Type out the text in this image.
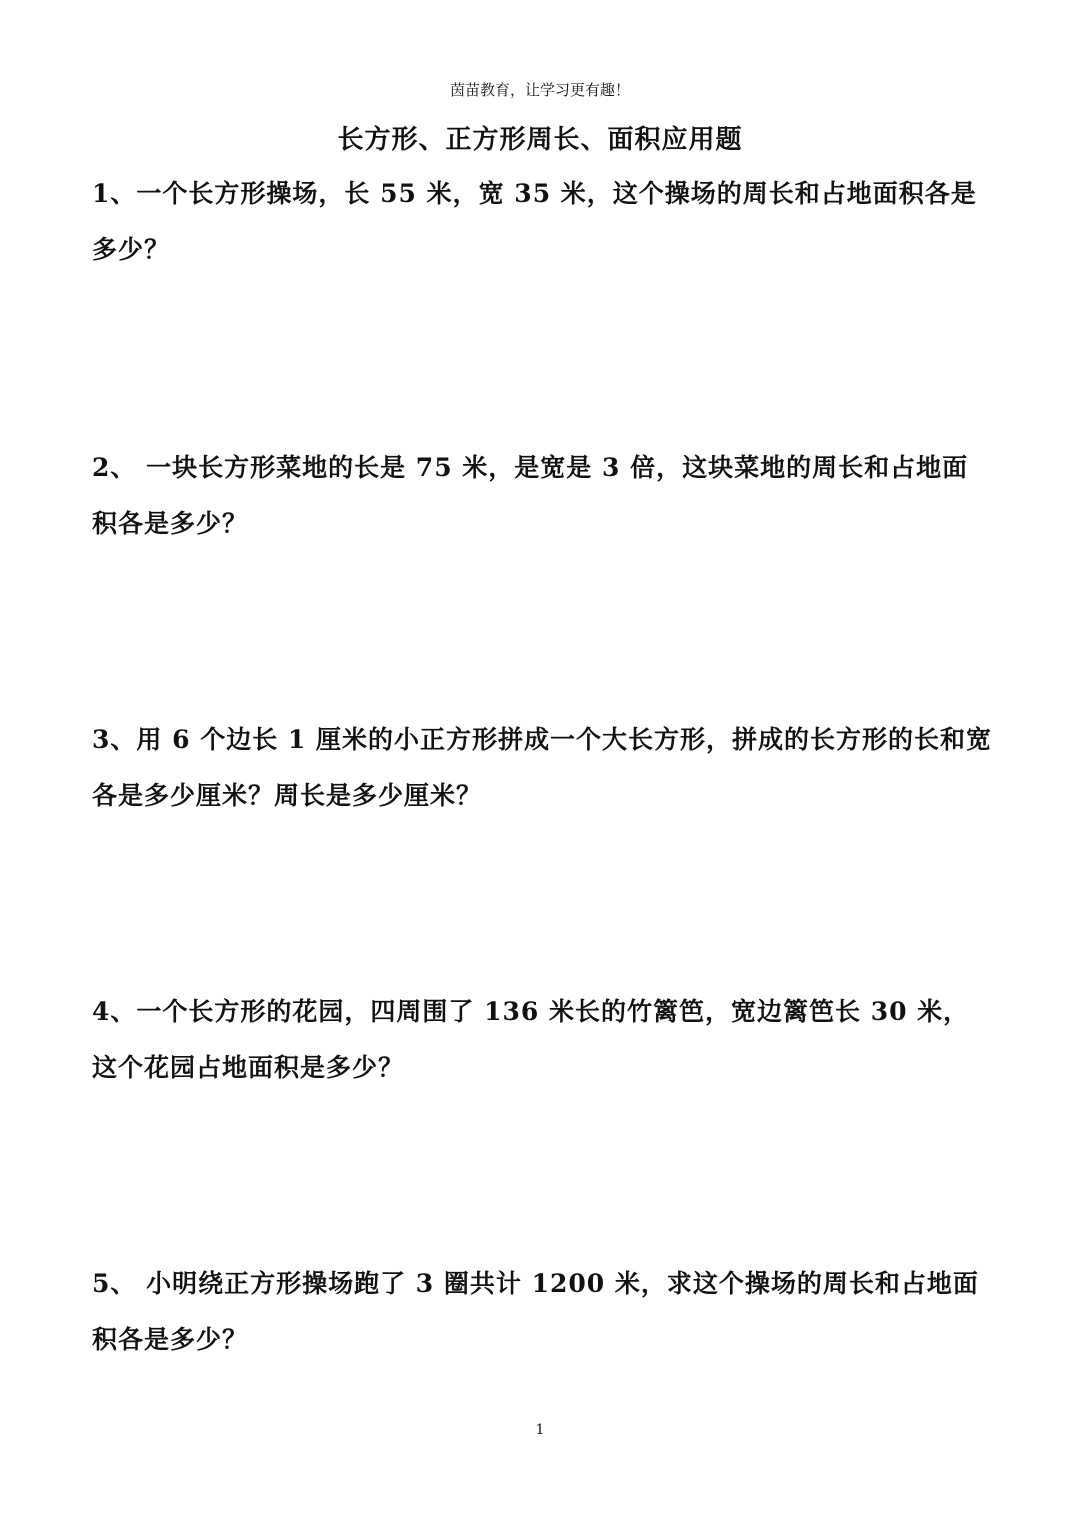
茵苗教育，让学习更有趣！
长方形、正方形周长、面积应用题

1、一个长方形操场，长 55 米，宽 35 米，这个操场的周长和占地面积各是多少？

2、 一块长方形菜地的长是 75 米，是宽是 3 倍，这块菜地的周长和占地面积各是多少？

3、用 6 个边长 1 厘米的小正方形拼成一个大长方形，拼成的长方形的长和宽各是多少厘米？周长是多少厘米？

4、一个长方形的花园，四周围了 136 米长的竹篱笆，宽边篱笆长 30 米，这个花园占地面积是多少？

5、 小明绕正方形操场跑了 3 圈共计 1200 米，求这个操场的周长和占地面积各是多少？

1
